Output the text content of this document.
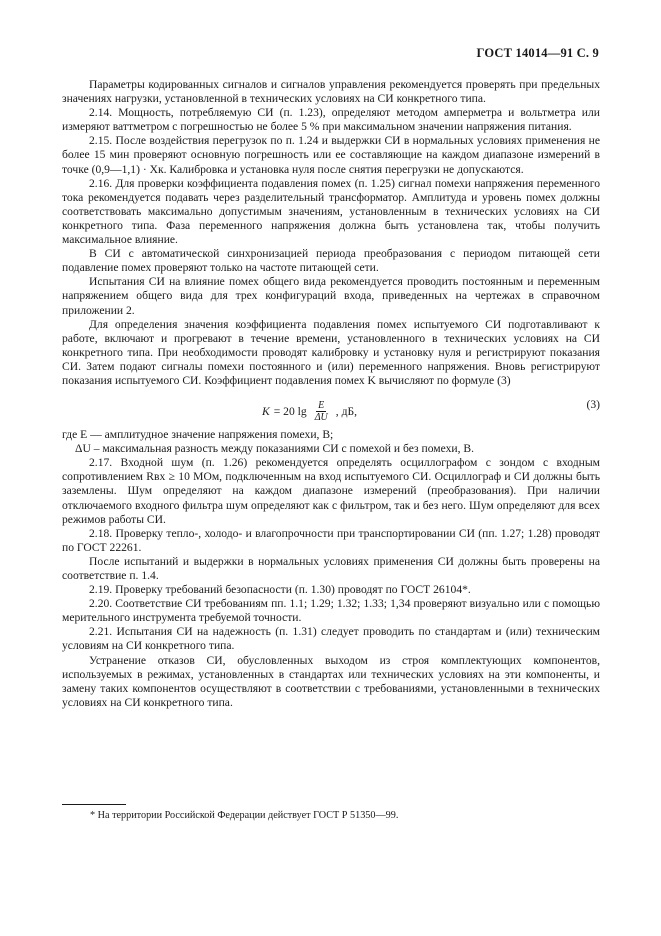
ГОСТ 14014—91 С. 9

Параметры кодированных сигналов и сигналов управления рекомендуется проверять при предельных значениях нагрузки, установленной в технических условиях на СИ конкретного типа.

2.14. Мощность, потребляемую СИ (п. 1.23), определяют методом амперметра и вольтметра или измеряют ваттметром с погрешностью не более 5 % при максимальном значении напряжения питания.

2.15. После воздействия перегрузок по п. 1.24 и выдержки СИ в нормальных условиях применения не более 15 мин проверяют основную погрешность или ее составляющие на каждом диапазоне измерений в точке (0,9—1,1) · Xк. Калибровка и установка нуля после снятия перегрузки не допускаются.

2.16. Для проверки коэффициента подавления помех (п. 1.25) сигнал помехи напряжения переменного тока рекомендуется подавать через разделительный трансформатор. Амплитуда и уровень помех должны соответствовать максимально допустимым значениям, установленным в технических условиях на СИ конкретного типа. Фаза переменного напряжения должна быть установлена так, чтобы получить максимальное влияние.

В СИ с автоматической синхронизацией периода преобразования с периодом питающей сети подавление помех проверяют только на частоте питающей сети.

Испытания СИ на влияние помех общего вида рекомендуется проводить постоянным и переменным напряжением общего вида для трех конфигураций входа, приведенных на чертежах в справочном приложении 2.

Для определения значения коэффициента подавления помех испытуемого СИ подготавливают к работе, включают и прогревают в течение времени, установленного в технических условиях на СИ конкретного типа. При необходимости проводят калибровку и установку нуля и регистрируют показания СИ. Затем подают сигналы помехи постоянного и (или) переменного напряжения. Вновь регистрируют показания испытуемого СИ. Коэффициент подавления помех K вычисляют по формуле (3)

K = 20 $\lg \frac{E}{\Delta U}$ , дБ,
(3)

где E — амплитудное значение напряжения помехи, В;

ΔU – максимальная разность между показаниями СИ с помехой и без помехи, В.

2.17. Входной шум (п. 1.26) рекомендуется определять осциллографом с зондом с входным сопротивлением Rвх ≥ 10 МОм, подключенным на вход испытуемого СИ. Осциллограф и СИ должны быть заземлены. Шум определяют на каждом диапазоне измерений (преобразования). При наличии отключаемого входного фильтра шум определяют как с фильтром, так и без него. Шум определяют для всех режимов работы СИ.

2.18. Проверку тепло-, холодо- и влагопрочности при транспортировании СИ (пп. 1.27; 1.28) проводят по ГОСТ 22261.

После испытаний и выдержки в нормальных условиях применения СИ должны быть проверены на соответствие п. 1.4.

2.19. Проверку требований безопасности (п. 1.30) проводят по ГОСТ 26104*.

2.20. Соответствие СИ требованиям пп. 1.1; 1.29; 1.32; 1.33; 1,34 проверяют визуально или с помощью мерительного инструмента требуемой точности.

2.21. Испытания СИ на надежность (п. 1.31) следует проводить по стандартам и (или) техническим условиям на СИ конкретного типа.

Устранение отказов СИ, обусловленных выходом из строя комплектующих компонентов, используемых в режимах, установленных в стандартах или технических условиях на эти компоненты, и замену таких компонентов осуществляют в соответствии с требованиями, установленными в технических условиях на СИ конкретного типа.

* На территории Российской Федерации действует ГОСТ Р 51350—99.
